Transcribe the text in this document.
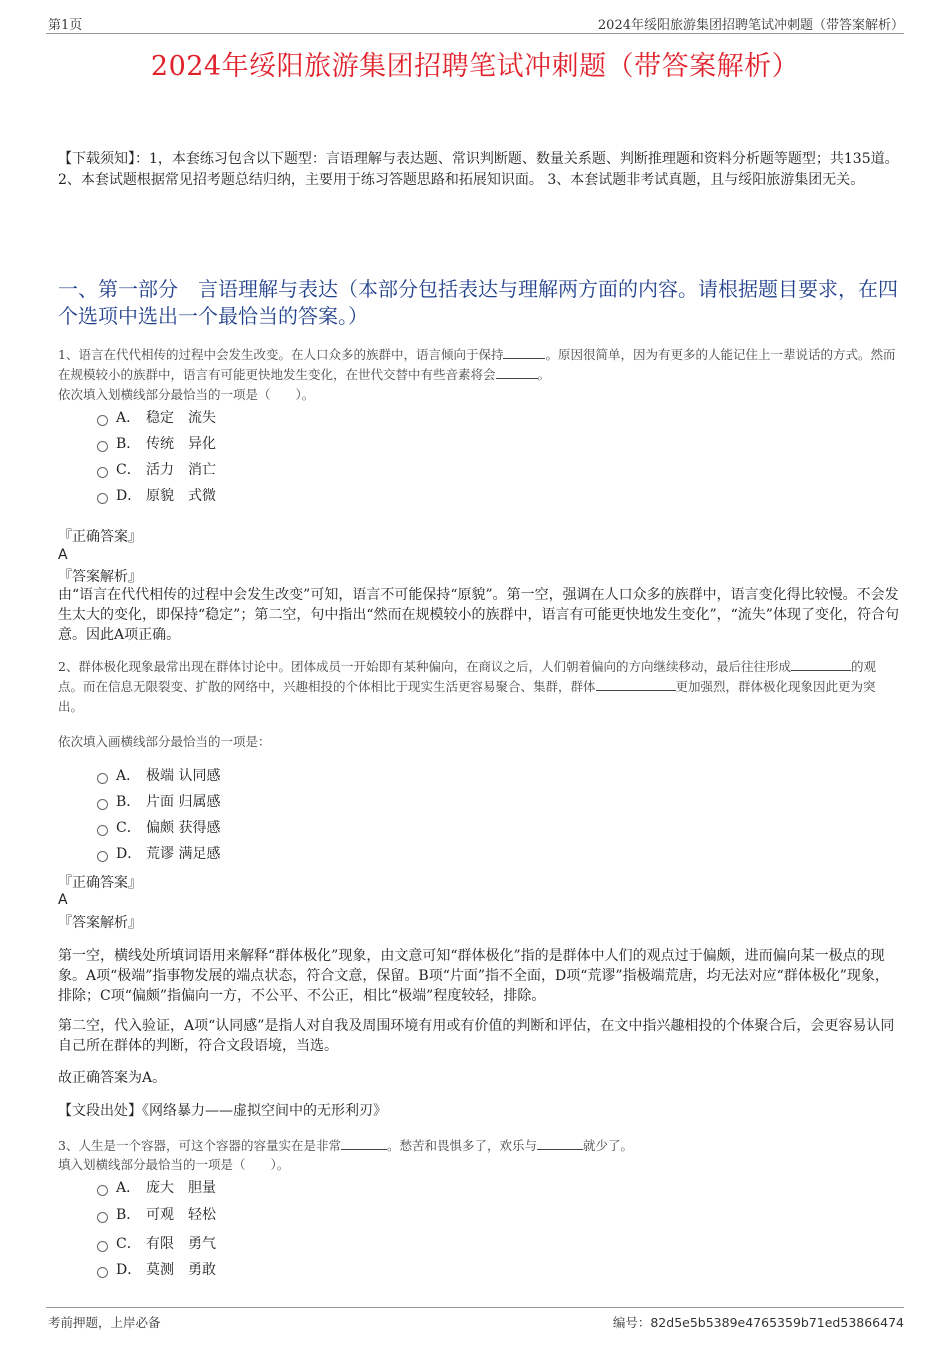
第1页	2024年绥阳旅游集团招聘笔试冲刺题（带答案解析）
2024年绥阳旅游集团招聘笔试冲刺题（带答案解析）
【下载须知】：1，本套练习包含以下题型：言语理解与表达题、常识判断题、数量关系题、判断推理题和资料分析题等题型；共135道。 2、本套试题根据常见招考题总结归纳，主要用于练习答题思路和拓展知识面。 3、本套试题非考试真题，且与绥阳旅游集团无关。
一、第一部分　言语理解与表达（本部分包括表达与理解两方面的内容。请根据题目要求，在四个选项中选出一个最恰当的答案。）
1、语言在代代相传的过程中会发生改变。在人口众多的族群中，语言倾向于保持	。原因很简单，因为有更多的人能记住上一辈说话的方式。然而在规模较小的族群中，语言有可能更快地发生变化，在世代交替中有些音素将会	。
依次填入划横线部分最恰当的一项是（　　）。
A． 稳定　流失
B． 传统　异化
C． 活力　消亡
D． 原貌　式微
『正确答案』
A
『答案解析』
由“语言在代代相传的过程中会发生改变”可知，语言不可能保持“原貌”。第一空，强调在人口众多的族群中，语言变化得比较慢。不会发生太大的变化，即保持“稳定”；第二空，句中指出“然而在规模较小的族群中，语言有可能更快地发生变化”，“流失”体现了变化，符合句意。因此A项正确。
2、群体极化现象最常出现在群体讨论中。团体成员一开始即有某种偏向，在商议之后，人们朝着偏向的方向继续移动，最后往往形成	的观点。而在信息无限裂变、扩散的网络中，兴趣相投的个体相比于现实生活更容易聚合、集群，群体	更加强烈，群体极化现象因此更为突出。
依次填入画横线部分最恰当的一项是：
A． 极端 认同感
B． 片面 归属感
C． 偏颇 获得感
D． 荒谬 满足感
『正确答案』
A
『答案解析』
第一空，横线处所填词语用来解释“群体极化”现象，由文意可知“群体极化”指的是群体中人们的观点过于偏颇，进而偏向某一极点的现象。A项“极端”指事物发展的端点状态，符合文意，保留。B项“片面”指不全面，D项“荒谬”指极端荒唐，均无法对应“群体极化”现象，排除；C项“偏颇”指偏向一方，不公平、不公正，相比“极端”程度较轻，排除。
第二空，代入验证，A项“认同感”是指人对自我及周围环境有用或有价值的判断和评估，在文中指兴趣相投的个体聚合后，会更容易认同自己所在群体的判断，符合文段语境，当选。
故正确答案为A。
【文段出处】《网络暴力——虚拟空间中的无形利刃》
3、人生是一个容器，可这个容器的容量实在是非常	。愁苦和畏惧多了，欢乐与	就少了。
填入划横线部分最恰当的一项是（　　）。
A． 庞大　胆量
B． 可观　轻松
C． 有限　勇气
D． 莫测　勇敢
考前押题，上岸必备	编号：82d5e5b5389e4765359b71ed53866474
